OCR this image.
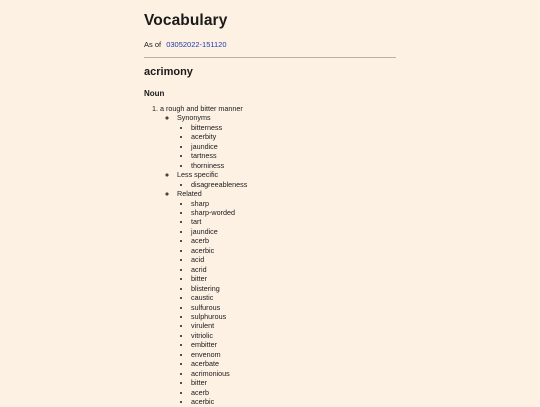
Vocabulary
As of 03052022-151120
acrimony
Noun
1. a rough and bitter manner
◦ Synonyms
• bitterness
• acerbity
• jaundice
• tartness
• thorniness
◦ Less specific
• disagreeableness
◦ Related
• sharp
• sharp-worded
• tart
• jaundice
• acerb
• acerbic
• acid
• acrid
• bitter
• blistering
• caustic
• sulfurous
• sulphurous
• virulent
• vitriolic
• embitter
• envenom
• acerbate
• acrimonious
• bitter
• acerb
• acerbic
